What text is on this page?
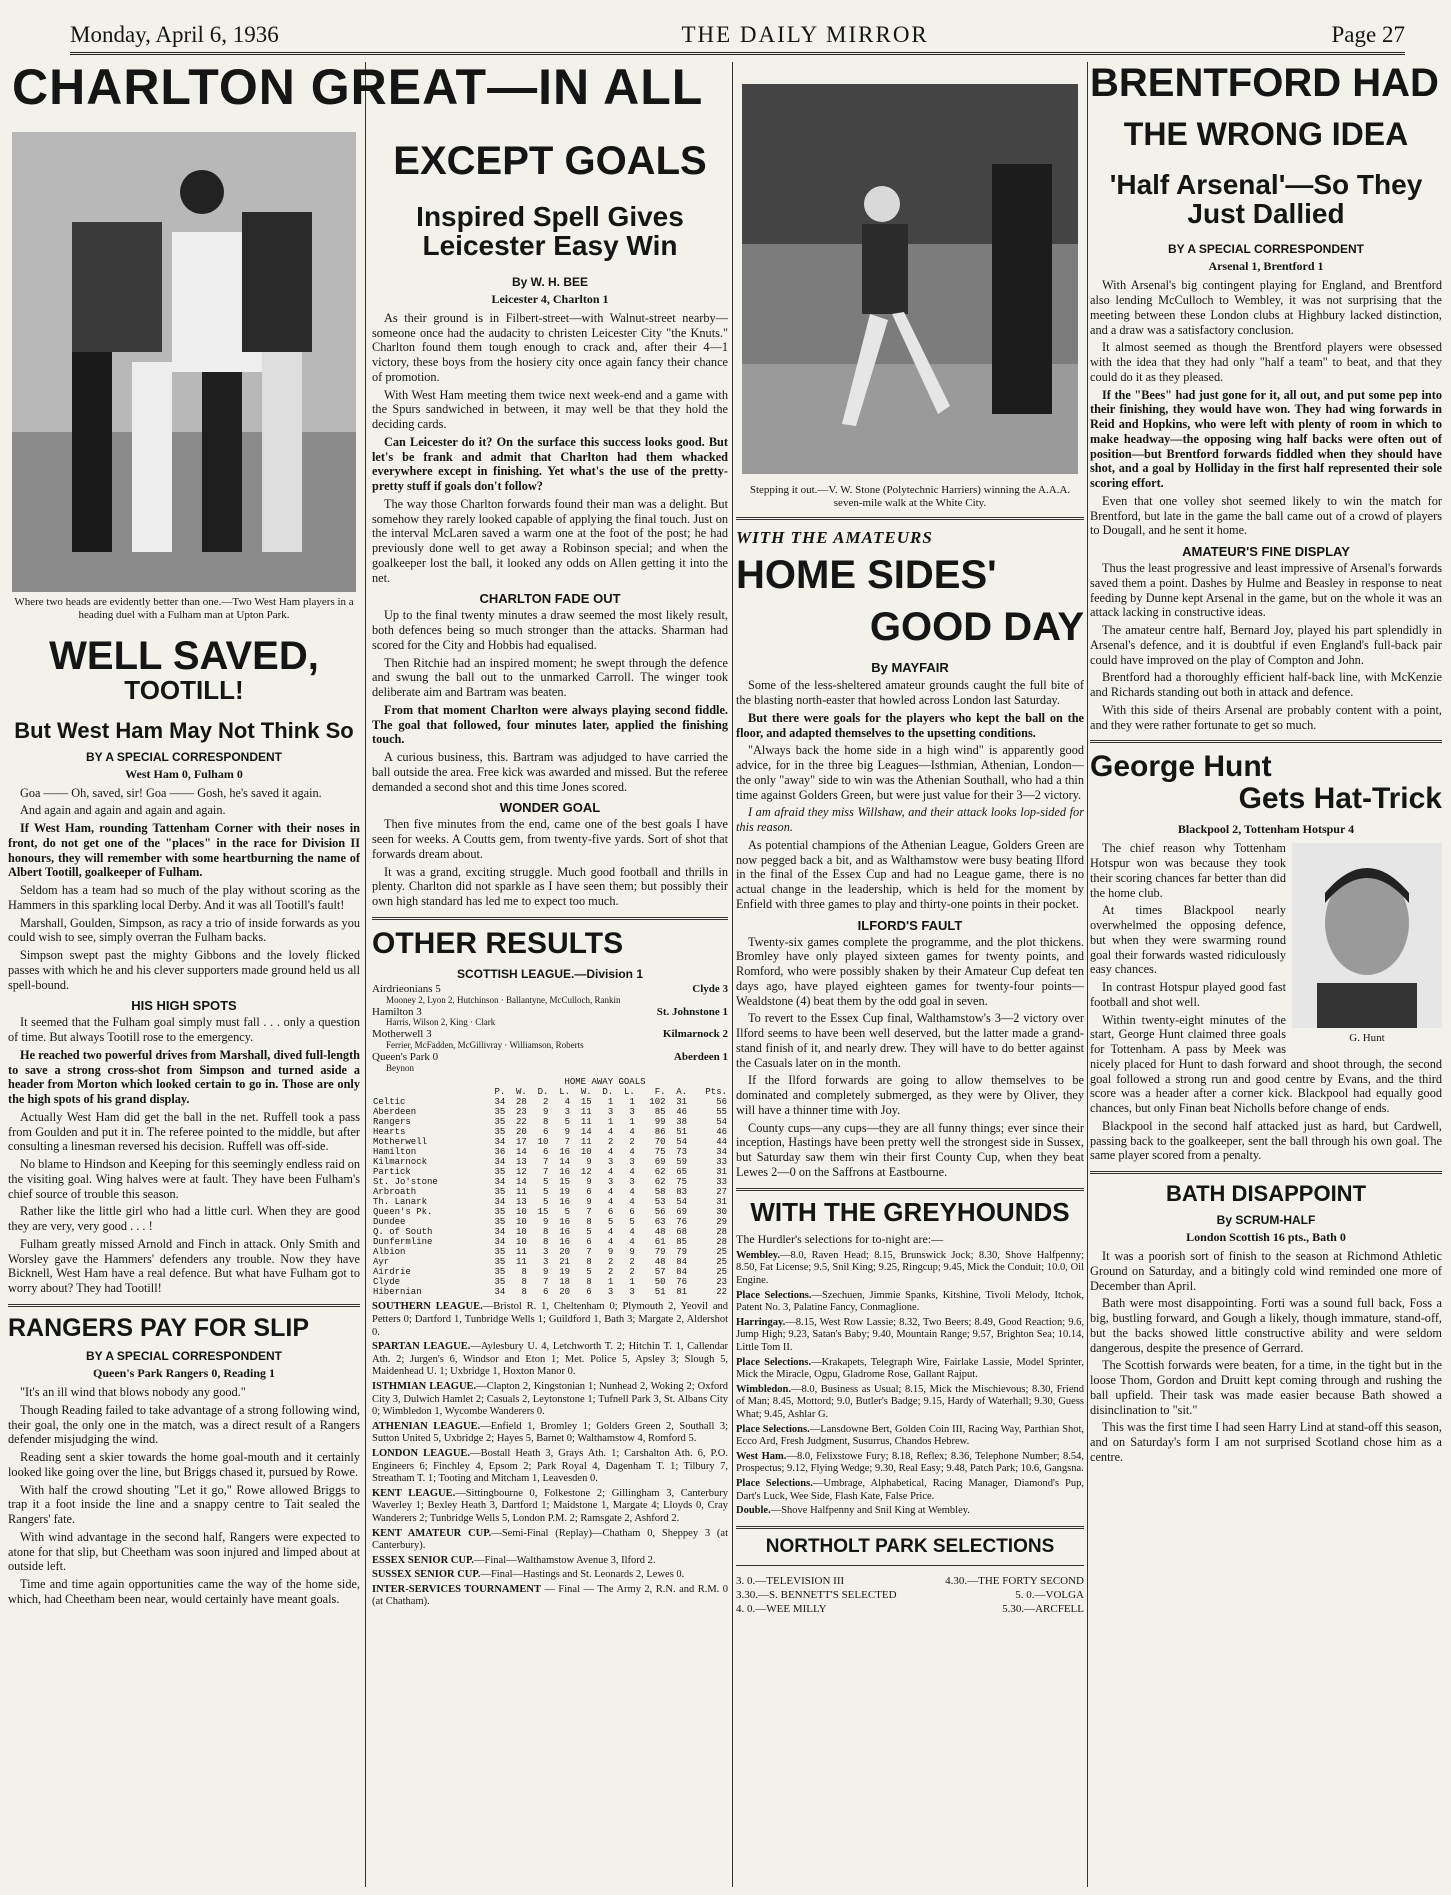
Monday, April 6, 1936	THE DAILY MIRROR	Page 27
CHARLTON GREAT—IN ALL
Where two heads are evidently better than one.—Two West Ham players in a heading duel with a Fulham man at Upton Park.
WELL SAVED,
TOOTILL!
But West Ham May Not Think So
BY A SPECIAL CORRESPONDENT
West Ham 0, Fulham 0

Goa —— Oh, saved, sir! Goa —— Gosh, he's saved it again.

And again and again and again and again.

If West Ham, rounding Tattenham Corner with their noses in front, do not get one of the "places" in the race for Division II honours, they will remember with some heartburning the name of Albert Tootill, goalkeeper of Fulham.

Seldom has a team had so much of the play without scoring as the Hammers in this sparkling local Derby. And it was all Tootill's fault!

Marshall, Goulden, Simpson, as racy a trio of inside forwards as you could wish to see, simply overran the Fulham backs.

Simpson swept past the mighty Gibbons and the lovely flicked passes with which he and his clever supporters made ground held us all spell-bound.

HIS HIGH SPOTS

It seemed that the Fulham goal simply must fall . . . only a question of time. But always Tootill rose to the emergency.

He reached two powerful drives from Marshall, dived full-length to save a strong cross-shot from Simpson and turned aside a header from Morton which looked certain to go in. Those are only the high spots of his grand display.

Actually West Ham did get the ball in the net. Ruffell took a pass from Goulden and put it in. The referee pointed to the middle, but after consulting a linesman reversed his decision. Ruffell was off-side.

No blame to Hindson and Keeping for this seemingly endless raid on the visiting goal. Wing halves were at fault. They have been Fulham's chief source of trouble this season.

Rather like the little girl who had a little curl. When they are good they are very, very good . . . !

Fulham greatly missed Arnold and Finch in attack. Only Smith and Worsley gave the Hammers' defenders any trouble. Now they have Bicknell, West Ham have a real defence. But what have Fulham got to worry about? They had Tootill!

RANGERS PAY FOR SLIP
BY A SPECIAL CORRESPONDENT
Queen's Park Rangers 0, Reading 1

"It's an ill wind that blows nobody any good."

Though Reading failed to take advantage of a strong following wind, their goal, the only one in the match, was a direct result of a Rangers defender misjudging the wind.

Reading sent a skier towards the home goal-mouth and it certainly looked like going over the line, but Briggs chased it, pursued by Rowe.

With half the crowd shouting "Let it go," Rowe allowed Briggs to trap it a foot inside the line and a snappy centre to Tait sealed the Rangers' fate.

With wind advantage in the second half, Rangers were expected to atone for that slip, but Cheetham was soon injured and limped about at outside left.

Time and time again opportunities came the way of the home side, which, had Cheetham been near, would certainly have meant goals.

EXCEPT GOALS
Inspired Spell Gives Leicester Easy Win
By W. H. BEE
Leicester 4, Charlton 1

As their ground is in Filbert-street—with Walnut-street nearby—someone once had the audacity to christen Leicester City "the Knuts." Charlton found them tough enough to crack and, after their 4—1 victory, these boys from the hosiery city once again fancy their chance of promotion.

With West Ham meeting them twice next week-end and a game with the Spurs sandwiched in between, it may well be that they hold the deciding cards.

Can Leicester do it? On the surface this success looks good. But let's be frank and admit that Charlton had them whacked everywhere except in finishing. Yet what's the use of the pretty-pretty stuff if goals don't follow?

The way those Charlton forwards found their man was a delight. But somehow they rarely looked capable of applying the final touch. Just on the interval McLaren saved a warm one at the foot of the post; he had previously done well to get away a Robinson special; and when the goalkeeper lost the ball, it looked any odds on Allen getting it into the net.

CHARLTON FADE OUT

Up to the final twenty minutes a draw seemed the most likely result, both defences being so much stronger than the attacks. Sharman had scored for the City and Hobbis had equalised.

Then Ritchie had an inspired moment; he swept through the defence and swung the ball out to the unmarked Carroll. The winger took deliberate aim and Bartram was beaten.

From that moment Charlton were always playing second fiddle. The goal that followed, four minutes later, applied the finishing touch.

A curious business, this. Bartram was adjudged to have carried the ball outside the area. Free kick was awarded and missed. But the referee demanded a second shot and this time Jones scored.

WONDER GOAL

Then five minutes from the end, came one of the best goals I have seen for weeks. A Coutts gem, from twenty-five yards. Sort of shot that forwards dream about.

It was a grand, exciting struggle. Much good football and thrills in plenty. Charlton did not sparkle as I have seen them; but possibly their own high standard has led me to expect too much.

OTHER RESULTS
SCOTTISH LEAGUE.—Division 1
Airdrieonians 5	Clyde 3
Mooney 2, Lyon 2, Hutchinson · Ballantyne, McCulloch, Rankin
Hamilton 3	St. Johnstone 1
Harris, Wilson 2, King · Clark
Motherwell 3	Kilmarnock 2
Ferrier, McFadden, McGillivray · Williamson, Roberts
Queen's Park 0	Aberdeen 1
Beynon
HOME AWAY GOALS
	P.	W.	D.	L.	W.	D.	L.	F.	A.	Pts.
Celtic	34	28	2	4	15	1	1	102	31	56
Aberdeen	35	23	9	3	11	3	3	85	46	55
Rangers	35	22	8	5	11	1	1	99	38	54
Hearts	35	20	6	9	14	4	4	86	51	46
Motherwell	34	17	10	7	11	2	2	70	54	44
Hamilton	36	14	6	16	10	4	4	75	73	34
Kilmarnock	34	13	7	14	9	3	3	69	59	33
Partick	35	12	7	16	12	4	4	62	65	31
St. Jo'stone	34	14	5	15	9	3	3	62	75	33
Arbroath	35	11	5	19	6	4	4	58	83	27
Th. Lanark	34	13	5	16	9	4	4	53	54	31
Queen's Pk.	35	10	15	5	7	6	6	56	69	30
Dundee	35	10	9	16	8	5	5	63	76	29
Q. of South	34	10	8	16	5	4	4	48	68	28
Dunfermline	34	10	8	16	6	4	4	61	85	28
Albion	35	11	3	20	7	9	9	79	79	25
Ayr	35	11	3	21	8	2	2	48	84	25
Airdrie	35	8	9	19	5	2	2	57	84	25
Clyde	35	8	7	18	8	1	1	50	76	23
Hibernian	34	8	6	20	6	3	3	51	81	22
SOUTHERN LEAGUE.—Bristol R. 1, Cheltenham 0; Plymouth 2, Yeovil and Petters 0; Dartford 1, Tunbridge Wells 1; Guildford 1, Bath 3; Margate 2, Aldershot 0.
SPARTAN LEAGUE.—Aylesbury U. 4, Letchworth T. 2; Hitchin T. 1, Callendar Ath. 2; Jurgen's 6, Windsor and Eton 1; Met. Police 5, Apsley 3; Slough 5, Maidenhead U. 1; Uxbridge 1, Hoxton Manor 0.
ISTHMIAN LEAGUE.—Clapton 2, Kingstonian 1; Nunhead 2, Woking 2; Oxford City 3, Dulwich Hamlet 2; Casuals 2, Leytonstone 1; Tufnell Park 3, St. Albans City 0; Wimbledon 1, Wycombe Wanderers 0.
ATHENIAN LEAGUE.—Enfield 1, Bromley 1; Golders Green 2, Southall 3; Sutton United 5, Uxbridge 2; Hayes 5, Barnet 0; Walthamstow 4, Romford 5.
LONDON LEAGUE.—Bostall Heath 3, Grays Ath. 1; Carshalton Ath. 6, P.O. Engineers 6; Finchley 4, Epsom 2; Park Royal 4, Dagenham T. 1; Tilbury 7, Streatham T. 1; Tooting and Mitcham 1, Leavesden 0.
KENT LEAGUE.—Sittingbourne 0, Folkestone 2; Gillingham 3, Canterbury Waverley 1; Bexley Heath 3, Dartford 1; Maidstone 1, Margate 4; Lloyds 0, Cray Wanderers 2; Tunbridge Wells 5, London P.M. 2; Ramsgate 2, Ashford 2.
KENT AMATEUR CUP.—Semi-Final (Replay)—Chatham 0, Sheppey 3 (at Canterbury).
ESSEX SENIOR CUP.—Final—Walthamstow Avenue 3, Ilford 2.
SUSSEX SENIOR CUP.—Final—Hastings and St. Leonards 2, Lewes 0.
INTER-SERVICES TOURNAMENT — Final — The Army 2, R.N. and R.M. 0 (at Chatham).
Stepping it out.—V. W. Stone (Polytechnic Harriers) winning the A.A.A. seven-mile walk at the White City.
WITH THE AMATEURS
HOME SIDES'
GOOD DAY
By MAYFAIR

Some of the less-sheltered amateur grounds caught the full bite of the blasting north-easter that howled across London last Saturday.

But there were goals for the players who kept the ball on the floor, and adapted themselves to the upsetting conditions.

"Always back the home side in a high wind" is apparently good advice, for in the three big Leagues—Isthmian, Athenian, London—the only "away" side to win was the Athenian Southall, who had a thin time against Golders Green, but were just value for their 3—2 victory.

I am afraid they miss Willshaw, and their attack looks lop-sided for this reason.

As potential champions of the Athenian League, Golders Green are now pegged back a bit, and as Walthamstow were busy beating Ilford in the final of the Essex Cup and had no League game, there is no actual change in the leadership, which is held for the moment by Enfield with three games to play and thirty-one points in their pocket.

ILFORD'S FAULT

Twenty-six games complete the programme, and the plot thickens. Bromley have only played sixteen games for twenty points, and Romford, who were possibly shaken by their Amateur Cup defeat ten days ago, have played eighteen games for twenty-four points—Wealdstone (4) beat them by the odd goal in seven.

To revert to the Essex Cup final, Walthamstow's 3—2 victory over Ilford seems to have been well deserved, but the latter made a grand-stand finish of it, and nearly drew. They will have to do better against the Casuals later on in the month.

If the Ilford forwards are going to allow themselves to be dominated and completely submerged, as they were by Oliver, they will have a thinner time with Joy.

County cups—any cups—they are all funny things; ever since their inception, Hastings have been pretty well the strongest side in Sussex, but Saturday saw them win their first County Cup, when they beat Lewes 2—0 on the Saffrons at Eastbourne.

WITH THE GREYHOUNDS
The Hurdler's selections for to-night are:—
Wembley.—8.0, Raven Head; 8.15, Brunswick Jock; 8.30, Shove Halfpenny; 8.50, Fat License; 9.5, Snil King; 9.25, Ringcup; 9.45, Mick the Conduit; 10.0, Oil Engine.
Place Selections.—Szechuen, Jimmie Spanks, Kitshine, Tivoli Melody, Itchok, Patent No. 3, Palatine Fancy, Conmaglione.
Harringay.—8.15, West Row Lassie; 8.32, Two Beers; 8.49, Good Reaction; 9.6, Jump High; 9.23, Satan's Baby; 9.40, Mountain Range; 9.57, Brighton Sea; 10.14, Little Tom II.
Place Selections.—Krakapets, Telegraph Wire, Fairlake Lassie, Model Sprinter, Mick the Miracle, Ogpu, Gladrome Rose, Gallant Rajput.
Wimbledon.—8.0, Business as Usual; 8.15, Mick the Mischievous; 8.30, Friend of Man; 8.45, Mottord; 9.0, Butler's Badge; 9.15, Hardy of Waterhall; 9.30, Guess What; 9.45, Ashlar G.
Place Selections.—Lansdowne Bert, Golden Coin III, Racing Way, Parthian Shot, Ecco Ard, Fresh Judgment, Susurrus, Chandos Hebrew.
West Ham.—8.0, Felixstowe Fury; 8.18, Reflex; 8.36, Telephone Number; 8.54, Prospectus; 9.12, Flying Wedge; 9.30, Real Easy; 9.48, Patch Park; 10.6, Gangsna.
Place Selections.—Umbrage, Alphabetical, Racing Manager, Diamond's Pup, Dart's Luck, Wee Side, Flash Kate, False Price.
Double.—Shove Halfpenny and Snil King at Wembley.
NORTHOLT PARK SELECTIONS
3. 0.—TELEVISION III	4.30.—THE FORTY SECOND
3.30.—S. BENNETT'S SELECTED	5. 0.—VOLGA
4. 0.—WEE MILLY	5.30.—ARCFELL
BRENTFORD HAD
THE WRONG IDEA
'Half Arsenal'—So They Just Dallied
BY A SPECIAL CORRESPONDENT
Arsenal 1, Brentford 1

With Arsenal's big contingent playing for England, and Brentford also lending McCulloch to Wembley, it was not surprising that the meeting between these London clubs at Highbury lacked distinction, and a draw was a satisfactory conclusion.

It almost seemed as though the Brentford players were obsessed with the idea that they had only "half a team" to beat, and that they could do it as they pleased.

If the "Bees" had just gone for it, all out, and put some pep into their finishing, they would have won. They had wing forwards in Reid and Hopkins, who were left with plenty of room in which to make headway—the opposing wing half backs were often out of position—but Brentford forwards fiddled when they should have shot, and a goal by Holliday in the first half represented their sole scoring effort.

Even that one volley shot seemed likely to win the match for Brentford, but late in the game the ball came out of a crowd of players to Dougall, and he sent it home.

AMATEUR'S FINE DISPLAY

Thus the least progressive and least impressive of Arsenal's forwards saved them a point. Dashes by Hulme and Beasley in response to neat feeding by Dunne kept Arsenal in the game, but on the whole it was an attack lacking in constructive ideas.

The amateur centre half, Bernard Joy, played his part splendidly in Arsenal's defence, and it is doubtful if even England's full-back pair could have improved on the play of Compton and John.

Brentford had a thoroughly efficient half-back line, with McKenzie and Richards standing out both in attack and defence.

With this side of theirs Arsenal are probably content with a point, and they were rather fortunate to get so much.

George Hunt
Gets Hat-Trick
Blackpool 2, Tottenham Hotspur 4
G. Hunt

The chief reason why Tottenham Hotspur won was because they took their scoring chances far better than did the home club.

At times Blackpool nearly overwhelmed the opposing defence, but when they were swarming round goal their forwards wasted ridiculously easy chances.

In contrast Hotspur played good fast football and shot well.

Within twenty-eight minutes of the start, George Hunt claimed three goals for Tottenham. A pass by Meek was nicely placed for Hunt to dash forward and shoot through, the second goal followed a strong run and good centre by Evans, and the third score was a header after a corner kick. Blackpool had equally good chances, but only Finan beat Nicholls before change of ends.

Blackpool in the second half attacked just as hard, but Cardwell, passing back to the goalkeeper, sent the ball through his own goal. The same player scored from a penalty.

BATH DISAPPOINT
By SCRUM-HALF
London Scottish 16 pts., Bath 0

It was a poorish sort of finish to the season at Richmond Athletic Ground on Saturday, and a bitingly cold wind reminded one more of December than April.

Bath were most disappointing. Forti was a sound full back, Foss a big, bustling forward, and Gough a likely, though immature, stand-off, but the backs showed little constructive ability and were seldom dangerous, despite the presence of Gerrard.

The Scottish forwards were beaten, for a time, in the tight but in the loose Thom, Gordon and Druitt kept coming through and rushing the ball upfield. Their task was made easier because Bath showed a disinclination to "sit."

This was the first time I had seen Harry Lind at stand-off this season, and on Saturday's form I am not surprised Scotland chose him as a centre.
